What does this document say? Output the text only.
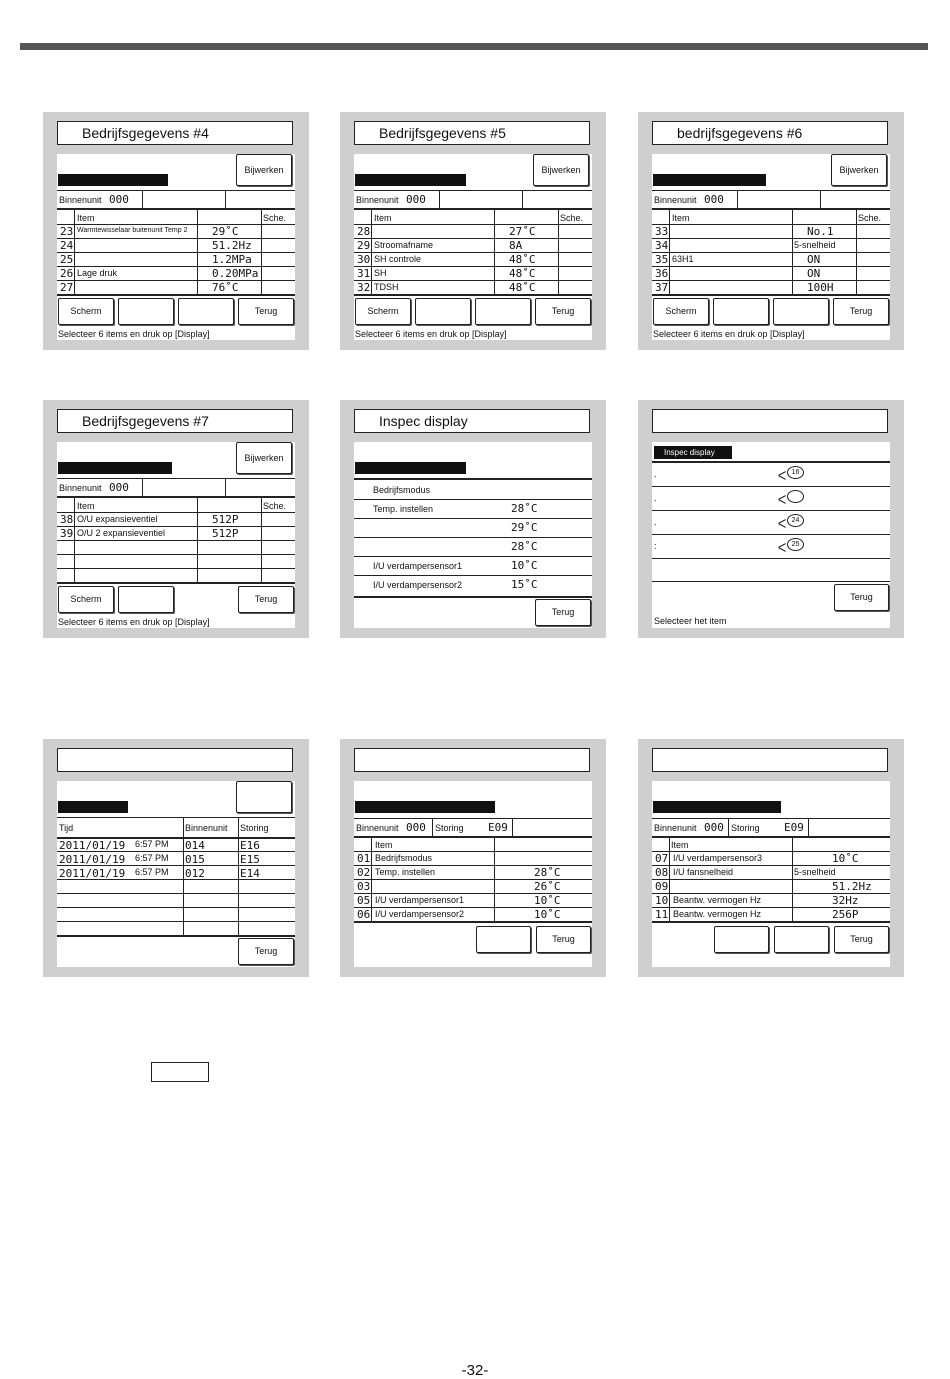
Bedrijfsgegevens #4
Bijwerken
Binnenunit 000
Item	Sche.
23 Warmtewisselaar buitenunit Temp 2 29˚C
24	51.2Hz
25	1.2MPa
26 Lage druk	0.20MPa
27	76˚C
Scherm	Terug
Selecteer 6 items en druk op [Display]
Bedrijfsgegevens #5
Bijwerken
Binnenunit 000
Item	Sche.
28	27˚C
29 Stroomafname	8A
30 SH controle	48˚C
31 SH	48˚C
32 TDSH	48˚C
Scherm	Terug
Selecteer 6 items en druk op [Display]
bedrijfsgegevens #6
Bijwerken
Binnenunit 000
Item	Sche.
33	No.1
34	5-snelheid
35 63H1	ON
36	ON
37	100H
Scherm	Terug
Selecteer 6 items en druk op [Display]
Bedrijfsgegevens #7
Bijwerken
Binnenunit 000
Item	Sche.
38 O/U expansieventiel	512P
39 O/U 2 expansieventiel	512P
Scherm	Terug
Selecteer 6 items en druk op [Display]
Inspec display
Bedrijfsmodus
Temp. instellen	28˚C
29˚C
28˚C
I/U verdampersensor1	10˚C
I/U verdampersensor2	15˚C
Terug
Inspec display
.	16
.
.	24
:	25
Terug
Selecteer het item
Tijd	Binnenunit Storing
2011/01/19 6:57 PM 014	E16
2011/01/19 6:57 PM 015	E15
2011/01/19 6:57 PM 012	E14
Terug
Binnenunit 000 Storing E09
Item
01 Bedrijfsmodus
02 Temp. instellen	28˚C
03	26˚C
05 I/U verdampersensor1	10˚C
06 I/U verdampersensor2	10˚C
Terug
Binnenunit 000 Storing E09
Item
07 I/U verdampersensor3	10˚C
08 I/U fansnelheid	5-snelheid
09	51.2Hz
10 Beantw. vermogen Hz	32Hz
11 Beantw. vermogen Hz	256P
Terug
-32-
